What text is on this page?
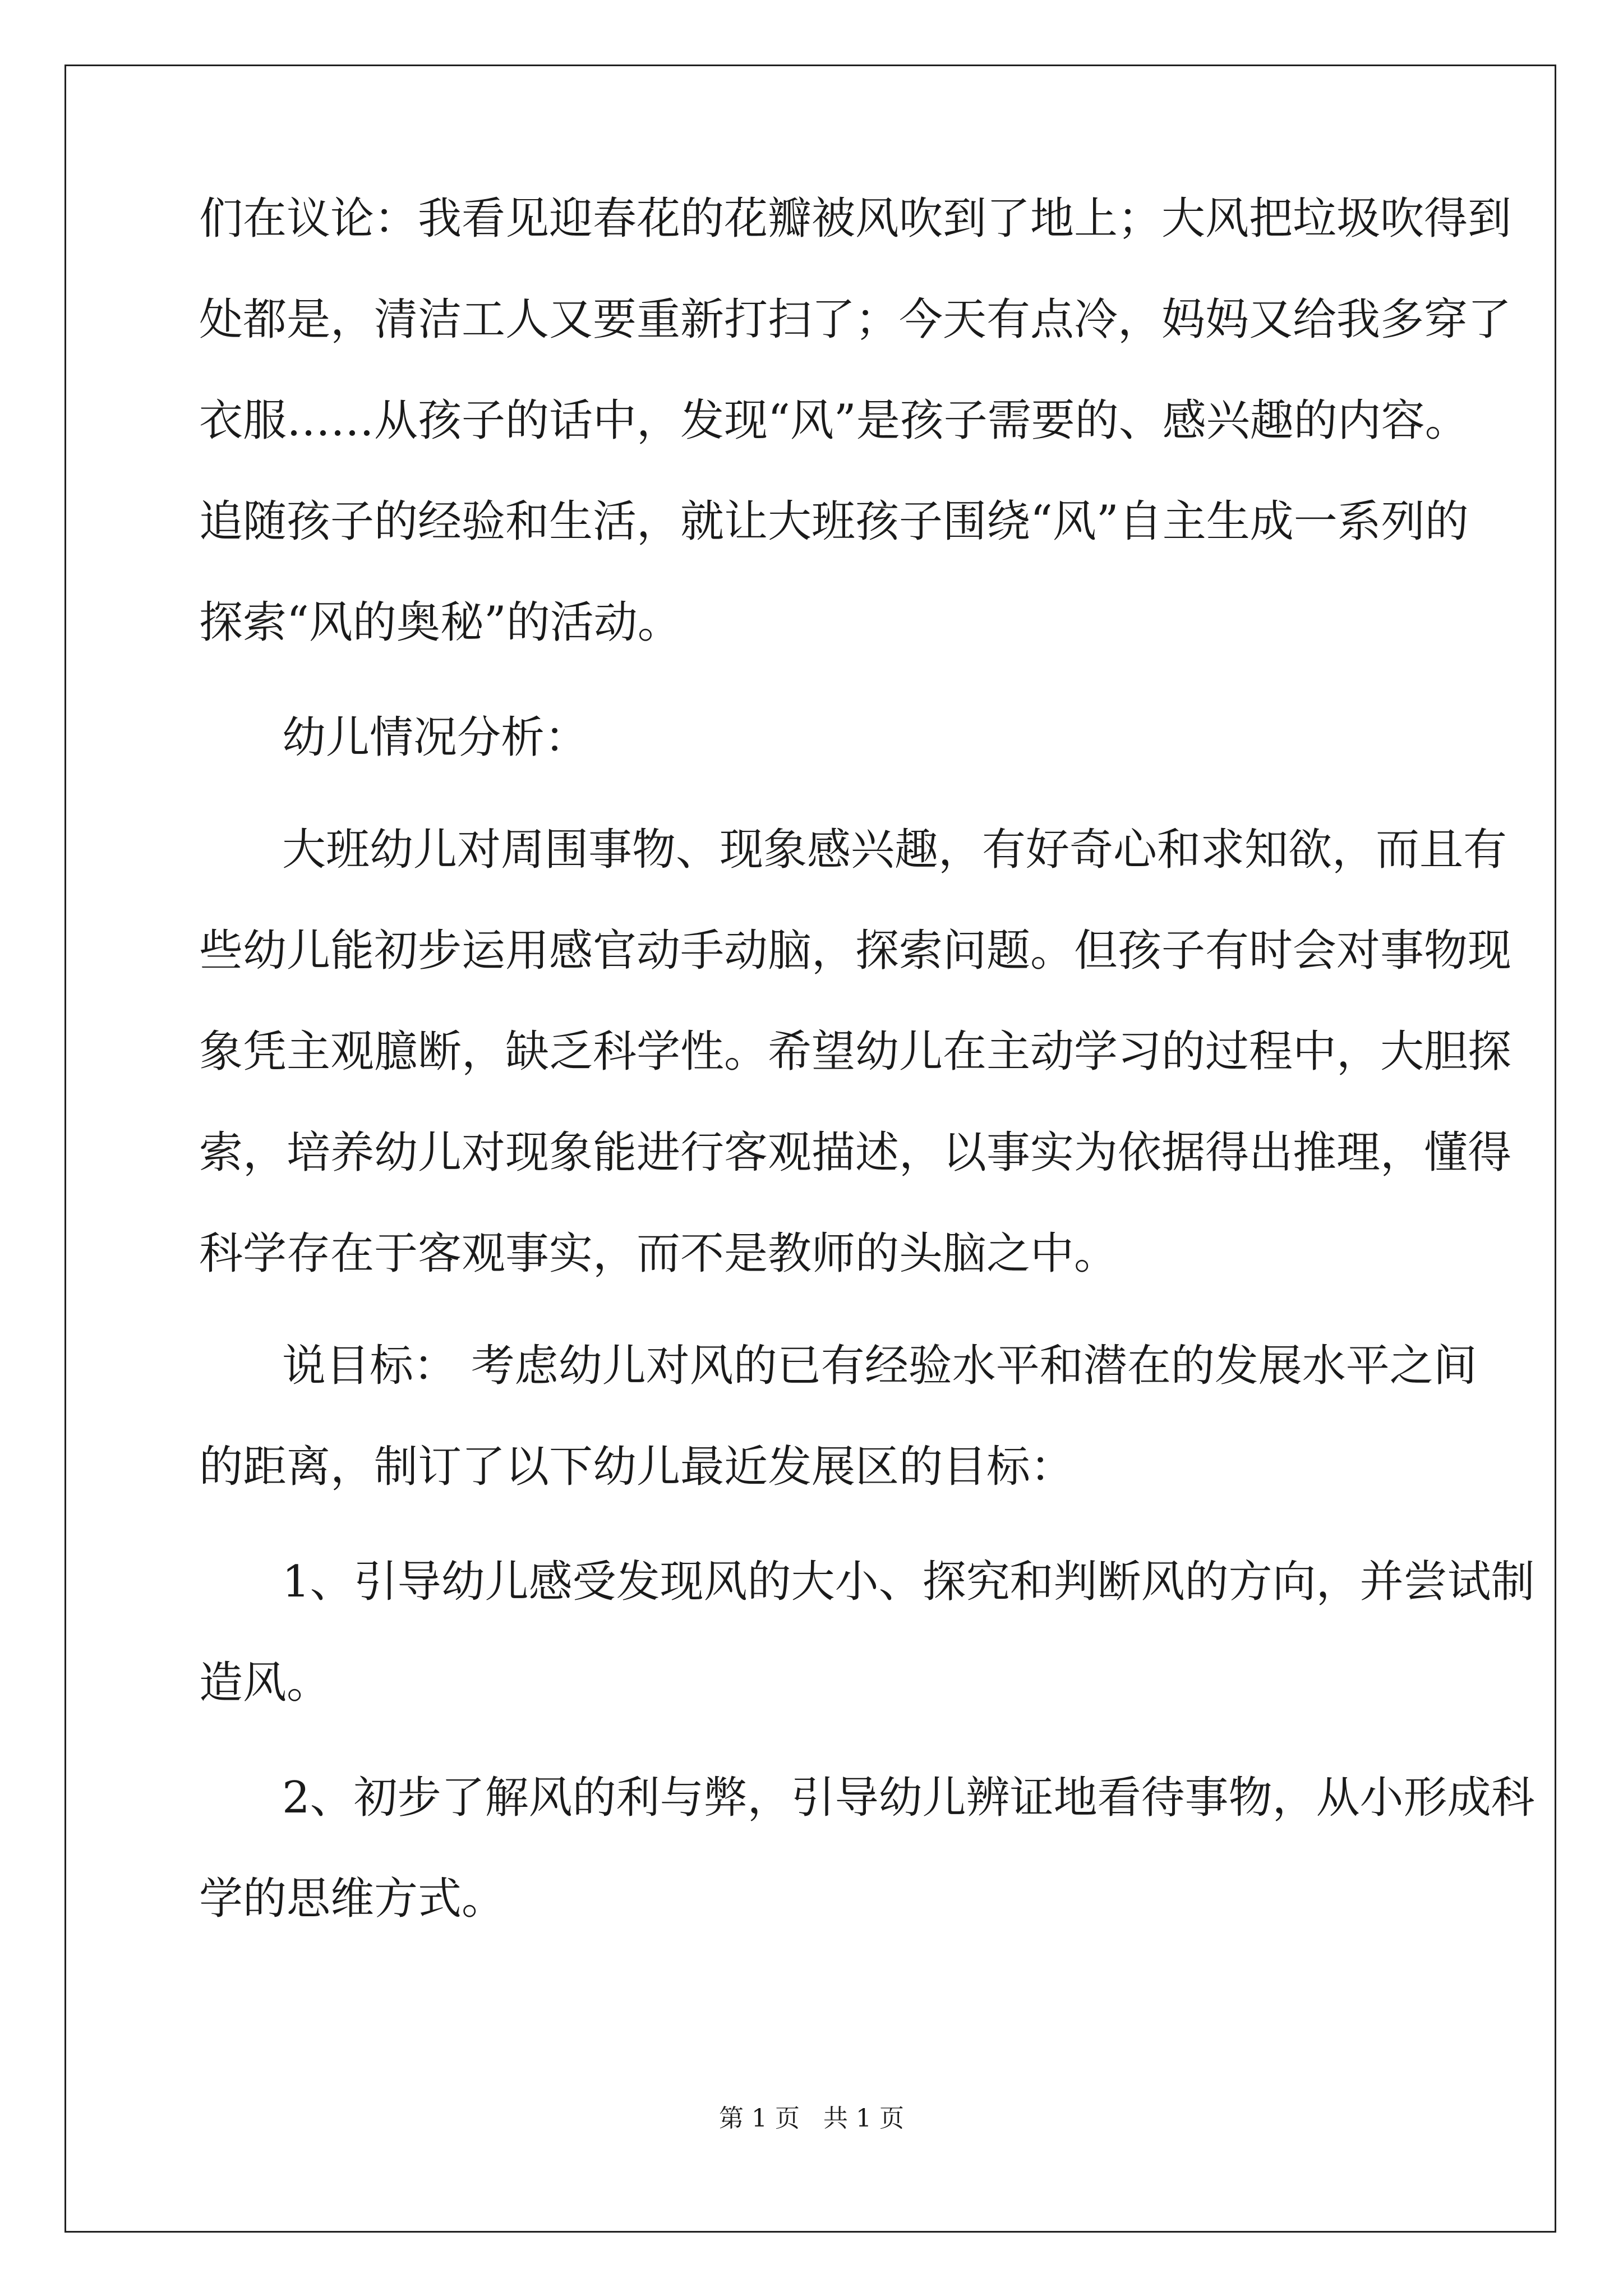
们在议论：我看见迎春花的花瓣被风吹到了地上；大风把垃圾吹得到
处都是，清洁工人又要重新打扫了；今天有点冷，妈妈又给我多穿了
衣服……从孩子的话中，发现“风”是孩子需要的、感兴趣的内容。
追随孩子的经验和生活，就让大班孩子围绕“风”自主生成一系列的
探索“风的奥秘”的活动。
幼儿情况分析：
大班幼儿对周围事物、现象感兴趣，有好奇心和求知欲，而且有
些幼儿能初步运用感官动手动脑，探索问题。但孩子有时会对事物现
象凭主观臆断，缺乏科学性。希望幼儿在主动学习的过程中，大胆探
索，培养幼儿对现象能进行客观描述，以事实为依据得出推理，懂得
科学存在于客观事实，而不是教师的头脑之中。
说目标： 考虑幼儿对风的已有经验水平和潜在的发展水平之间
的距离，制订了以下幼儿最近发展区的目标：
1、引导幼儿感受发现风的大小、探究和判断风的方向，并尝试制
造风。
2、初步了解风的利与弊，引导幼儿辨证地看待事物，从小形成科
学的思维方式。
第 1 页   共 1 页
